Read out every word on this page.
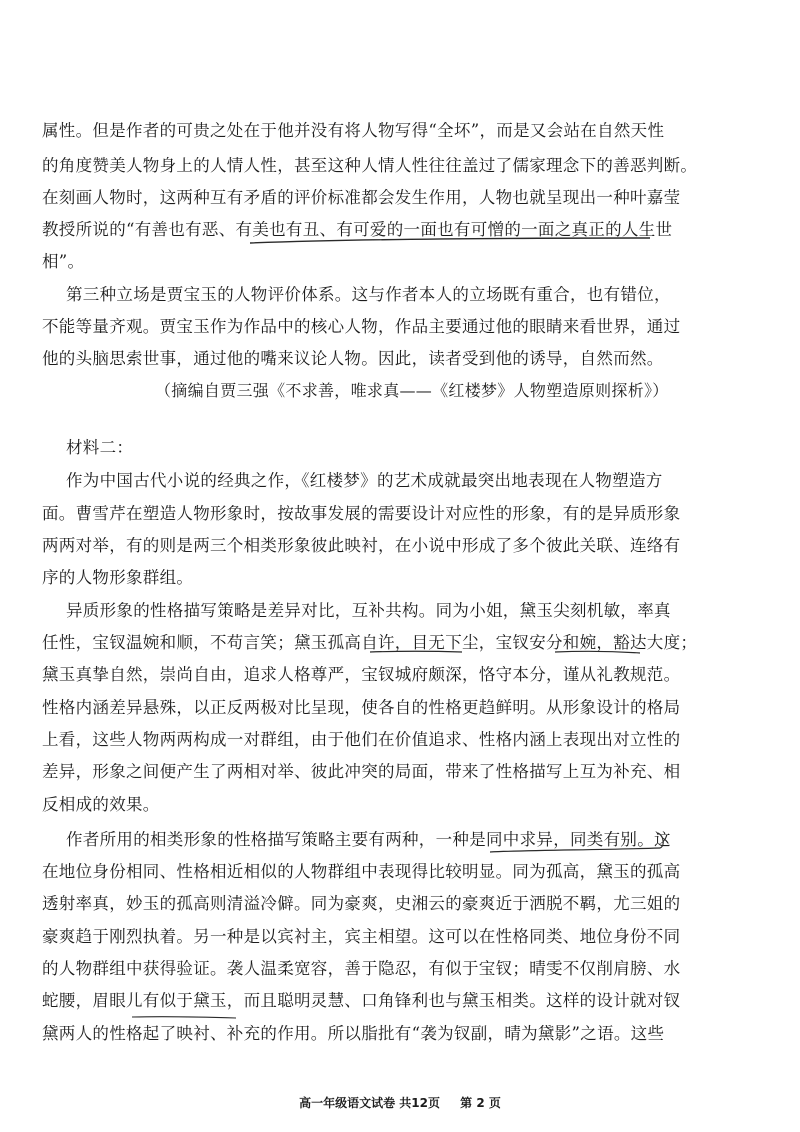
属性。但是作者的可贵之处在于他并没有将人物写得“全坏”，而是又会站在自然天性
的角度赞美人物身上的人情人性，甚至这种人情人性往往盖过了儒家理念下的善恶判断。
在刻画人物时，这两种互有矛盾的评价标准都会发生作用，人物也就呈现出一种叶嘉莹
教授所说的“有善也有恶、有美也有丑、有可爱的一面也有可憎的一面之真正的人生世
相”。
第三种立场是贾宝玉的人物评价体系。这与作者本人的立场既有重合，也有错位，
不能等量齐观。贾宝玉作为作品中的核心人物，作品主要通过他的眼睛来看世界，通过
他的头脑思索世事，通过他的嘴来议论人物。因此，读者受到他的诱导，自然而然。
（摘编自贾三强《不求善，唯求真——《红楼梦》人物塑造原则探析》）
材料二：
作为中国古代小说的经典之作，《红楼梦》的艺术成就最突出地表现在人物塑造方
面。曹雪芹在塑造人物形象时，按故事发展的需要设计对应性的形象，有的是异质形象
两两对举，有的则是两三个相类形象彼此映衬，在小说中形成了多个彼此关联、连络有
序的人物形象群组。
异质形象的性格描写策略是差异对比，互补共构。同为小姐，黛玉尖刻机敏，率真
任性，宝钗温婉和顺，不苟言笑；黛玉孤高自许，目无下尘，宝钗安分和婉，豁达大度；
黛玉真挚自然，崇尚自由，追求人格尊严，宝钗城府颇深，恪守本分，谨从礼教规范。
性格内涵差异悬殊，以正反两极对比呈现，使各自的性格更趋鲜明。从形象设计的格局
上看，这些人物两两构成一对群组，由于他们在价值追求、性格内涵上表现出对立性的
差异，形象之间便产生了两相对举、彼此冲突的局面，带来了性格描写上互为补充、相
反相成的效果。
作者所用的相类形象的性格描写策略主要有两种，一种是同中求异，同类有别。这
在地位身份相同、性格相近相似的人物群组中表现得比较明显。同为孤高，黛玉的孤高
透射率真，妙玉的孤高则清溢冷僻。同为豪爽，史湘云的豪爽近于洒脱不羁，尤三姐的
豪爽趋于刚烈执着。另一种是以宾衬主，宾主相望。这可以在性格同类、地位身份不同
的人物群组中获得验证。袭人温柔宽容，善于隐忍，有似于宝钗；晴雯不仅削肩膀、水
蛇腰，眉眼儿有似于黛玉，而且聪明灵慧、口角锋利也与黛玉相类。这样的设计就对钗
黛两人的性格起了映衬、补充的作用。所以脂批有“袭为钗副，晴为黛影”之语。这些
高一年级语文试卷 共12页 第 2 页
